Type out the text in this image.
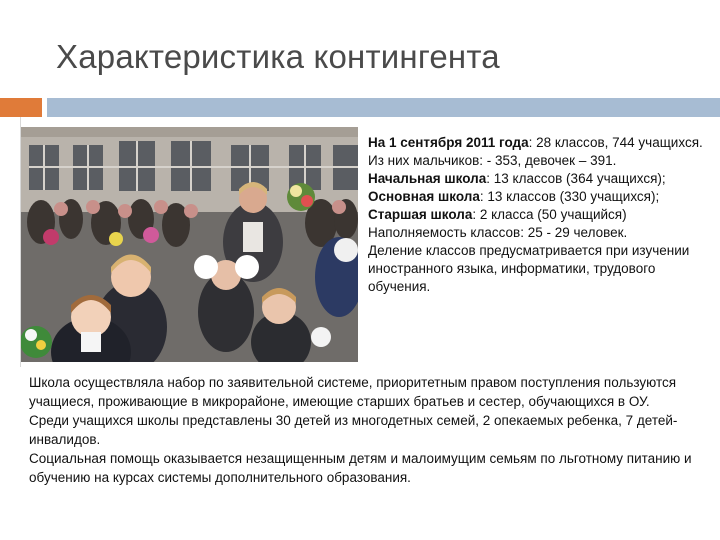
Характеристика контингента

На 1 сентября 2011 года: 28 классов, 744 учащихся.

Из них мальчиков: - 353, девочек – 391.

Начальная школа: 13 классов (364 учащихся);

Основная школа: 13 классов (330 учащихся);

Старшая школа: 2 класса (50 учащийся)

Наполняемость классов: 25 - 29 человек.

Деление классов предусматривается при изучении иностранного языка, информатики, трудового обучения.

Школа осуществляла набор по заявительной системе, приоритетным правом поступления пользуются учащиеся, проживающие в микрорайоне, имеющие старших братьев и сестер, обучающихся в ОУ.

Среди учащихся школы представлены 30 детей из многодетных семей, 2 опекаемых ребенка, 7 детей-инвалидов.

Социальная помощь оказывается незащищенным детям и малоимущим семьям по льготному питанию и обучению на курсах системы дополнительного образования.
